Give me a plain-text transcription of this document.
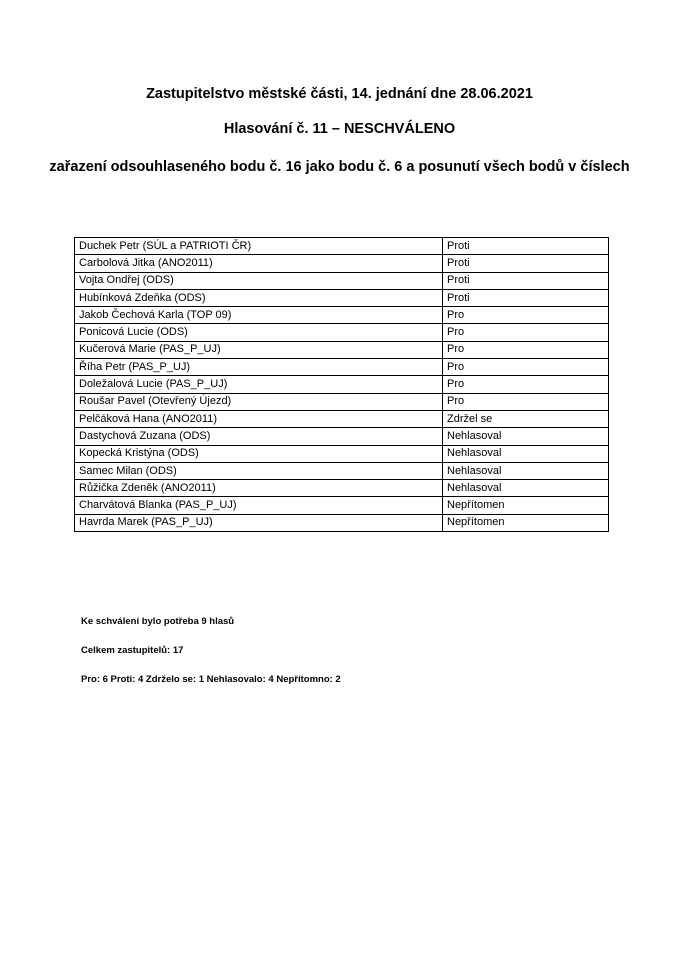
Zastupitelstvo městské části, 14. jednání dne 28.06.2021

Hlasování č. 11 – NESCHVÁLENO

zařazení odsouhlaseného bodu č. 16 jako bodu č. 6 a posunutí všech bodů v číslech

Duchek Petr (SÚL a PATRIOTI ČR)	Proti
Carbolová Jitka (ANO2011)	Proti
Vojta Ondřej (ODS)	Proti
Hubínková Zdeňka (ODS)	Proti
Jakob Čechová Karla (TOP 09)	Pro
Ponicová Lucie (ODS)	Pro
Kučerová Marie (PAS_P_UJ)	Pro
Říha Petr (PAS_P_UJ)	Pro
Doležalová Lucie (PAS_P_UJ)	Pro
Roušar Pavel (Otevřený Újezd)	Pro
Pelčáková Hana (ANO2011)	Zdržel se
Dastychová Zuzana (ODS)	Nehlasoval
Kopecká Kristýna (ODS)	Nehlasoval
Samec Milan (ODS)	Nehlasoval
Růžička Zdeněk (ANO2011)	Nehlasoval
Charvátová Blanka (PAS_P_UJ)	Nepřítomen
Havrda Marek (PAS_P_UJ)	Nepřítomen

Ke schválení bylo potřeba 9 hlasů

Celkem zastupitelů: 17

Pro: 6 Proti: 4 Zdrželo se: 1 Nehlasovalo: 4 Nepřítomno: 2
